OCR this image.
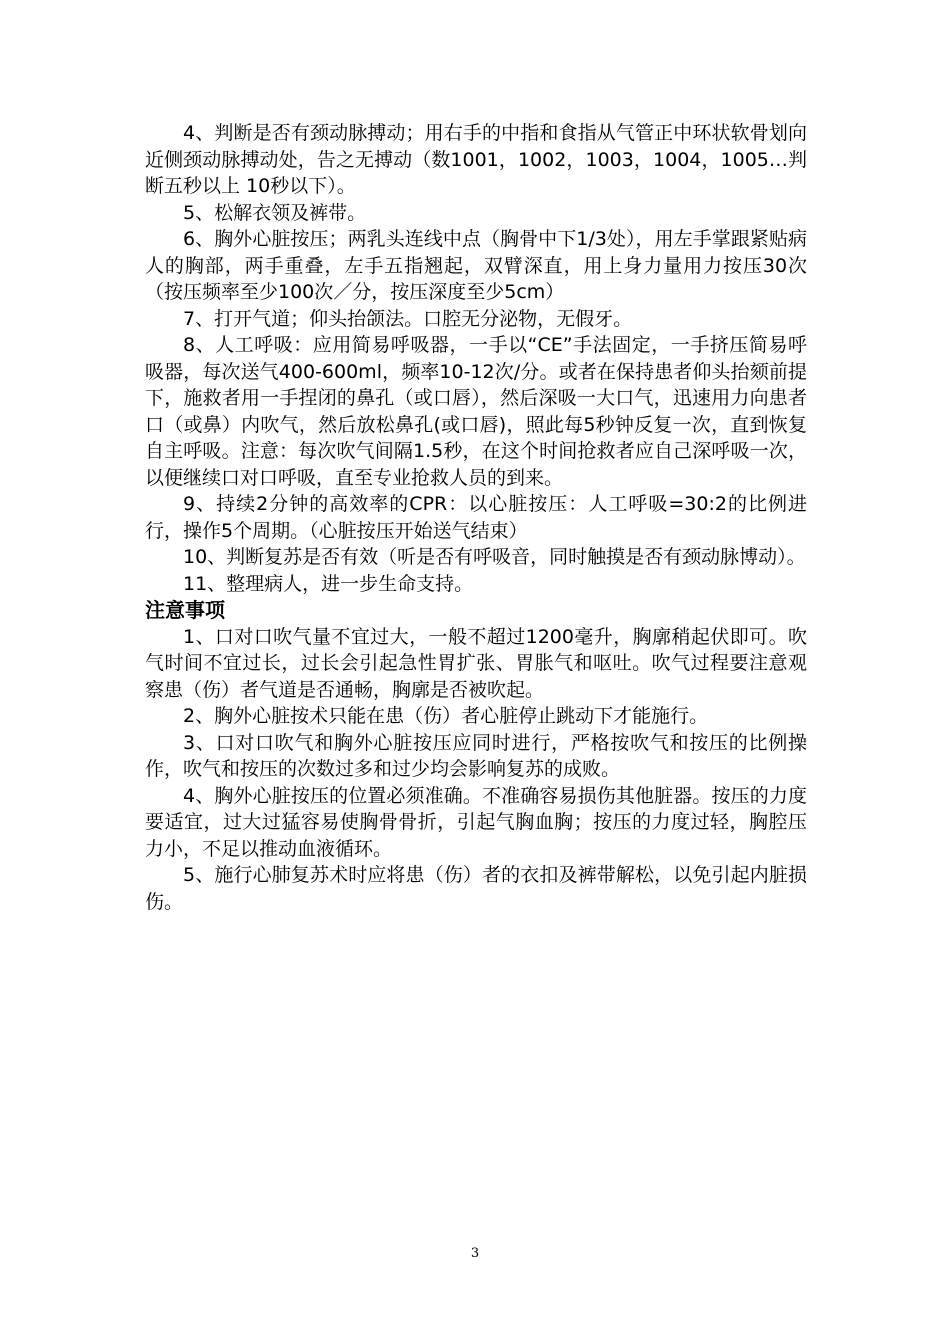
4、判断是否有颈动脉搏动；用右手的中指和食指从气管正中环状软骨划向近侧颈动脉搏动处，告之无搏动（数1001，1002，1003，1004，1005…判断五秒以上 10秒以下）。

5、松解衣领及裤带。

6、胸外心脏按压；两乳头连线中点（胸骨中下1/3处），用左手掌跟紧贴病人的胸部，两手重叠，左手五指翘起，双臂深直，用上身力量用力按压30次（按压频率至少100次／分，按压深度至少5cm）

7、打开气道；仰头抬颌法。口腔无分泌物，无假牙。

8、人工呼吸：应用简易呼吸器，一手以“CE”手法固定，一手挤压简易呼吸器，每次送气400-600ml，频率10-12次/分。或者在保持患者仰头抬颏前提下，施救者用一手捏闭的鼻孔（或口唇），然后深吸一大口气，迅速用力向患者口（或鼻）内吹气，然后放松鼻孔(或口唇)，照此每5秒钟反复一次，直到恢复自主呼吸。注意：每次吹气间隔1.5秒，在这个时间抢救者应自己深呼吸一次，以便继续口对口呼吸，直至专业抢救人员的到来。

9、持续2分钟的高效率的CPR：以心脏按压：人工呼吸=30:2的比例进行，操作5个周期。（心脏按压开始送气结束）

10、判断复苏是否有效（听是否有呼吸音，同时触摸是否有颈动脉博动）。

11、整理病人，进一步生命支持。

注意事项

1、口对口吹气量不宜过大，一般不超过1200毫升，胸廓稍起伏即可。吹气时间不宜过长，过长会引起急性胃扩张、胃胀气和呕吐。吹气过程要注意观察患（伤）者气道是否通畅，胸廓是否被吹起。

2、胸外心脏按术只能在患（伤）者心脏停止跳动下才能施行。

3、口对口吹气和胸外心脏按压应同时进行，严格按吹气和按压的比例操作，吹气和按压的次数过多和过少均会影响复苏的成败。

4、胸外心脏按压的位置必须准确。不准确容易损伤其他脏器。按压的力度要适宜，过大过猛容易使胸骨骨折，引起气胸血胸；按压的力度过轻，胸腔压力小，不足以推动血液循环。

5、施行心肺复苏术时应将患（伤）者的衣扣及裤带解松，以免引起内脏损伤。

3
